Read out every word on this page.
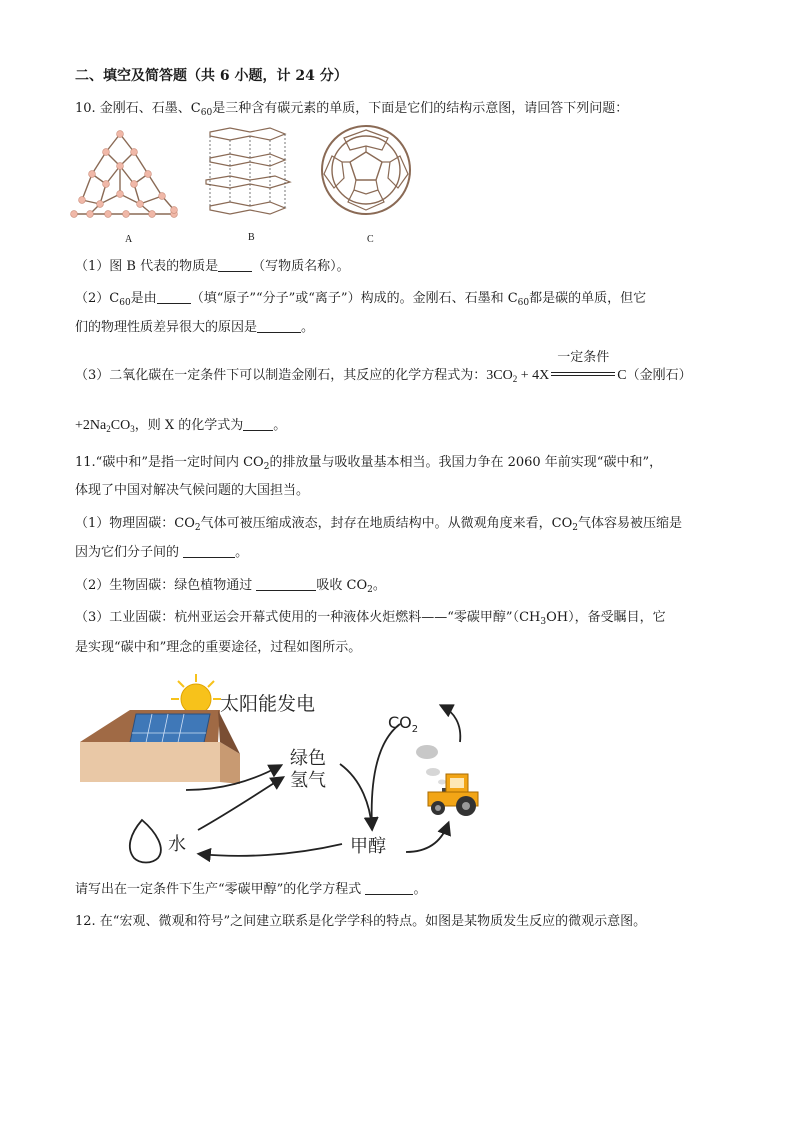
二、填空及简答题（共 6 小题，计 24 分）
10. 金刚石、石墨、$C_{60}$是三种含有碳元素的单质，下面是它们的结构示意图，请回答下列问题：
A	B	C
（1）图 B 代表的物质是	（写物质名称）。
$(2)C_{60}$是由	（填“原子”“分子”或“离子”）构成的。金刚石、石墨和 $C_{60}$都是碳的单质，但它
们的物理性质差异很大的原因是	。
（3）二氧化碳在一定条件下可以制造金刚石，其反应的化学方程式为：$3CO_2 + 4X$
一定条件
C（金刚石）
$+2Na_2CO_3$，则 X 的化学式为 。
11.“碳中和”是指一定时间内 $CO_2$的排放量与吸收量基本相当。我国力争在 2060 年前实现“碳中和”，
体现了中国对解决气候问题的大国担当。
（1）物理固碳：$CO_2$气体可被压缩成液态，封存在地质结构中。从微观角度来看，$CO_2$气体容易被压缩是
因为它们分子间的	。
（2）生物固碳：绿色植物通过	吸收 $CO_2$。
（3）工业固碳：杭州亚运会开幕式使用的一种液体火炬燃料——“零碳甲醇$”(CH_3OH)$，备受瞩目，它
是实现“碳中和”理念的重要途径，过程如图所示。
太阳能发电
绿色
氢气
水	甲醇
$CO_2$
请写出在一定条件下生产“零碳甲醇”的化学方程式	。
12. 在“宏观、微观和符号”之间建立联系是化学学科的特点。如图是某物质发生反应的微观示意图。
